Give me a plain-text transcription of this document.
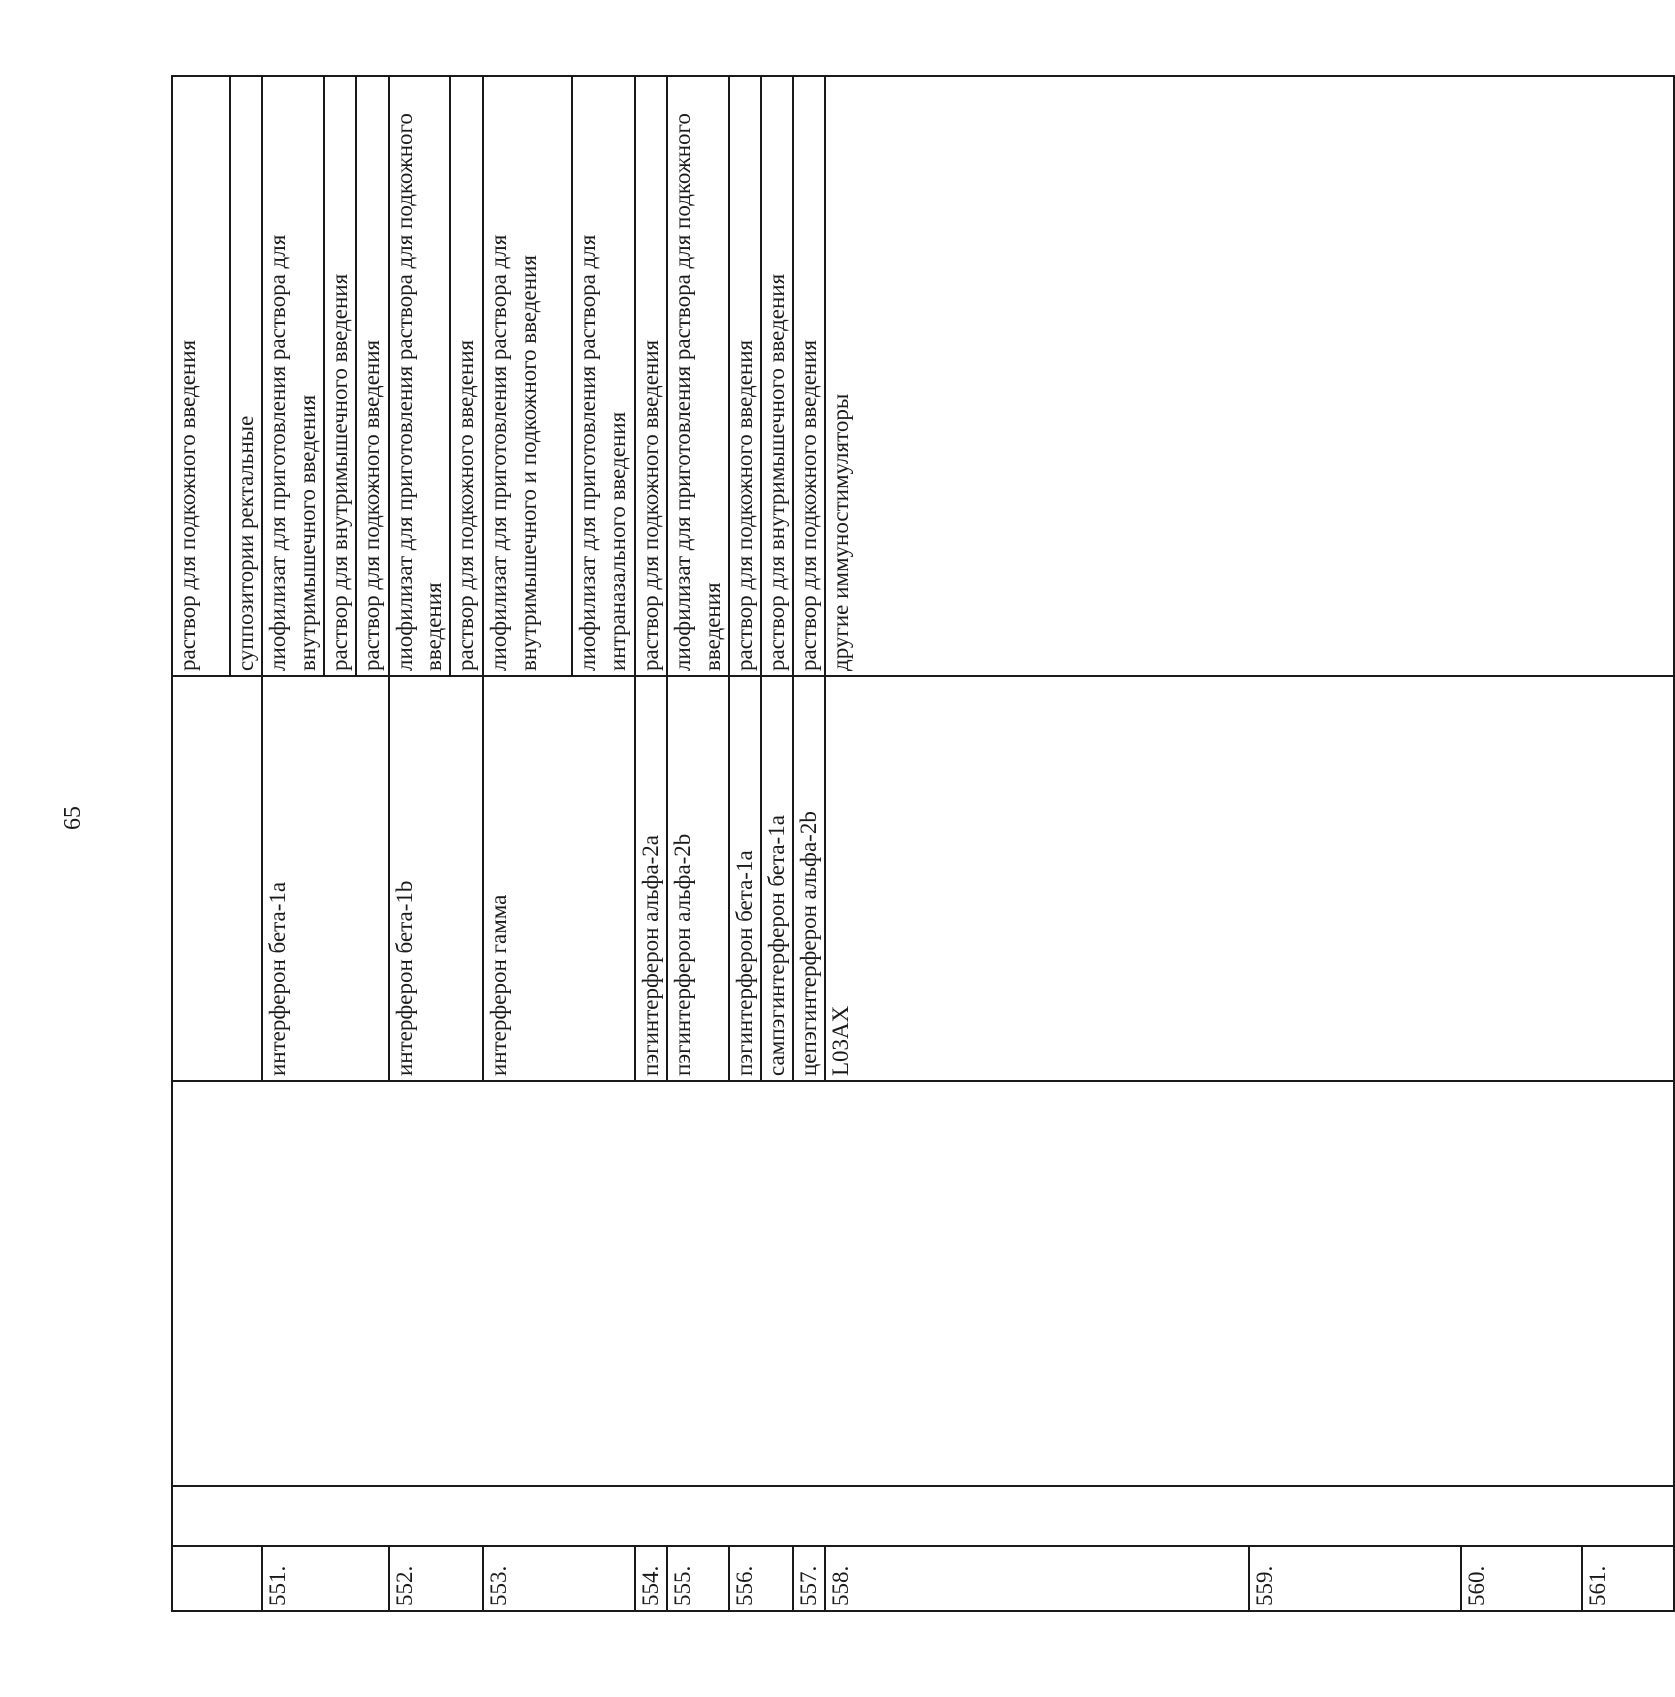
65
				раствор для подкожного введения	
				суппозитории ректальные	
551.			интерферон бета-1a	лиофилизат для приготовления раствора для внутримышечного введения	
				раствор для внутримышечного введения	
				раствор для подкожного введения	
552.			интерферон бета-1b	лиофилизат для приготовления раствора для подкожного введения	
				раствор для подкожного введения	
553.			интерферон гамма	лиофилизат для приготовления раствора для внутримышечного и подкожного введения	
				лиофилизат для приготовления раствора для интраназального введения	
554.			пэгинтерферон альфа-2a	раствор для подкожного введения	
555.			пэгинтерферон альфа-2b	лиофилизат для приготовления раствора для подкожного введения	
556.			пэгинтерферон бета-1a	раствор для подкожного введения	
			сампэгинтерферон бета-1a	раствор для внутримышечного введения	
557.			цепэгинтерферон альфа-2b	раствор для подкожного введения	
558.			L03AX	другие иммуностимуляторы		

559.		
560.		
561.		
